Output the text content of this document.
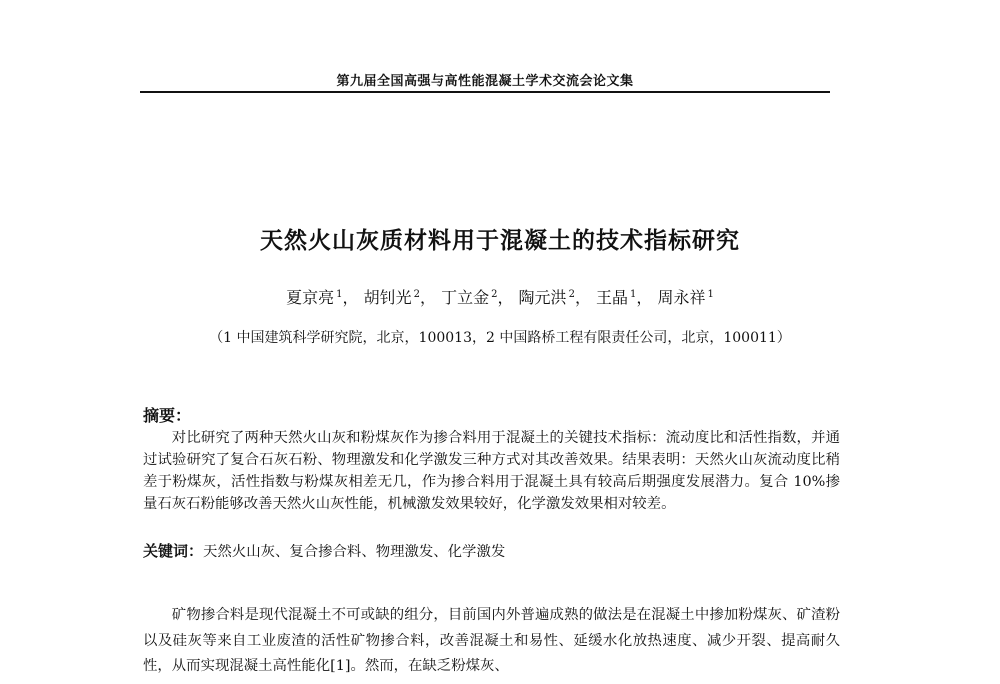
第九届全国高强与高性能混凝土学术交流会论文集
天然火山灰质材料用于混凝土的技术指标研究
夏京亮 $^1$， 胡钊光 $^2$， 丁立金 $^2$， 陶元洪 $^2$， 王晶 $^1$， 周永祥 $^1$
（1 中国建筑科学研究院，北京，100013，2 中国路桥工程有限责任公司，北京，100011）
摘要：

对比研究了两种天然火山灰和粉煤灰作为掺合料用于混凝土的关键技术指标：流动度比和活性指数，并通过试验研究了复合石灰石粉、物理激发和化学激发三种方式对其改善效果。结果表明：天然火山灰流动度比稍差于粉煤灰，活性指数与粉煤灰相差无几，作为掺合料用于混凝土具有较高后期强度发展潜力。复合 10%掺量石灰石粉能够改善天然火山灰性能，机械激发效果较好，化学激发效果相对较差。

关键词：天然火山灰、复合掺合料、物理激发、化学激发

矿物掺合料是现代混凝土不可或缺的组分，目前国内外普遍成熟的做法是在混凝土中掺加粉煤灰、矿渣粉以及硅灰等来自工业废渣的活性矿物掺合料，改善混凝土和易性、延缓水化放热速度、减少开裂、提高耐久性，从而实现混凝土高性能化[1]。然而，在缺乏粉煤灰、
